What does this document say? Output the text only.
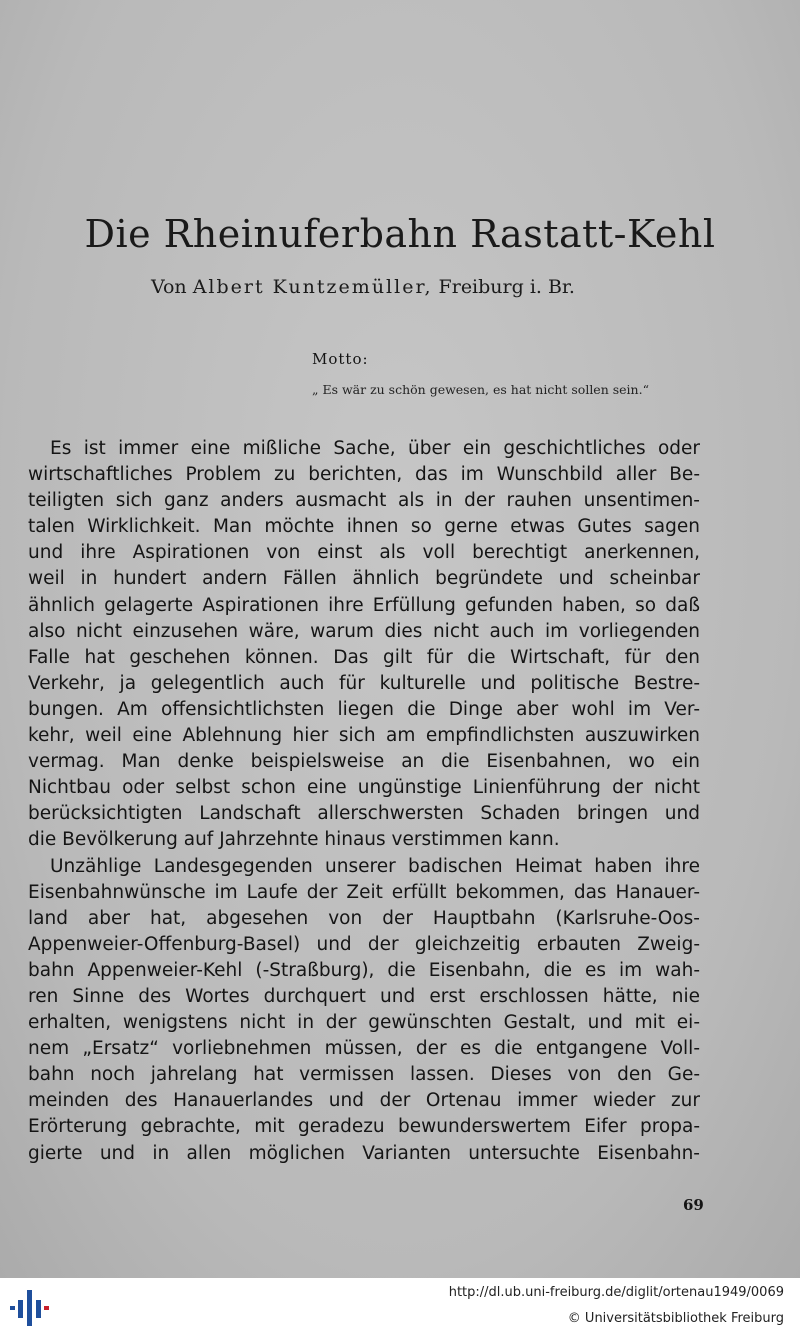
Die Rheinuferbahn Rastatt-Kehl
Von Albert Kuntzemüller, Freiburg i. Br.
Motto:
„ Es wär zu schön gewesen, es hat nicht sollen sein.“
Es ist immer eine mißliche Sache, über ein geschichtliches oder
wirtschaftliches Problem zu berichten, das im Wunschbild aller Be-
teiligten sich ganz anders ausmacht als in der rauhen unsentimen-
talen Wirklichkeit. Man möchte ihnen so gerne etwas Gutes sagen
und ihre Aspirationen von einst als voll berechtigt anerkennen,
weil in hundert andern Fällen ähnlich begründete und scheinbar
ähnlich gelagerte Aspirationen ihre Erfüllung gefunden haben, so daß
also nicht einzusehen wäre, warum dies nicht auch im vorliegenden
Falle hat geschehen können. Das gilt für die Wirtschaft, für den
Verkehr, ja gelegentlich auch für kulturelle und politische Bestre-
bungen. Am offensichtlichsten liegen die Dinge aber wohl im Ver-
kehr, weil eine Ablehnung hier sich am empfindlichsten auszuwirken
vermag. Man denke beispielsweise an die Eisenbahnen, wo ein
Nichtbau oder selbst schon eine ungünstige Linienführung der nicht
berücksichtigten Landschaft allerschwersten Schaden bringen und
die Bevölkerung auf Jahrzehnte hinaus verstimmen kann.
Unzählige Landesgegenden unserer badischen Heimat haben ihre
Eisenbahnwünsche im Laufe der Zeit erfüllt bekommen, das Hanauer-
land aber hat, abgesehen von der Hauptbahn (Karlsruhe-Oos-
Appenweier-Offenburg-Basel) und der gleichzeitig erbauten Zweig-
bahn Appenweier-Kehl (-Straßburg), die Eisenbahn, die es im wah-
ren Sinne des Wortes durchquert und erst erschlossen hätte, nie
erhalten, wenigstens nicht in der gewünschten Gestalt, und mit ei-
nem „Ersatz“ vorliebnehmen müssen, der es die entgangene Voll-
bahn noch jahrelang hat vermissen lassen. Dieses von den Ge-
meinden des Hanauerlandes und der Ortenau immer wieder zur
Erörterung gebrachte, mit geradezu bewunderswertem Eifer propa-
gierte und in allen möglichen Varianten untersuchte Eisenbahn-
69
http://dl.ub.uni-freiburg.de/diglit/ortenau1949/0069
© Universitätsbibliothek Freiburg
